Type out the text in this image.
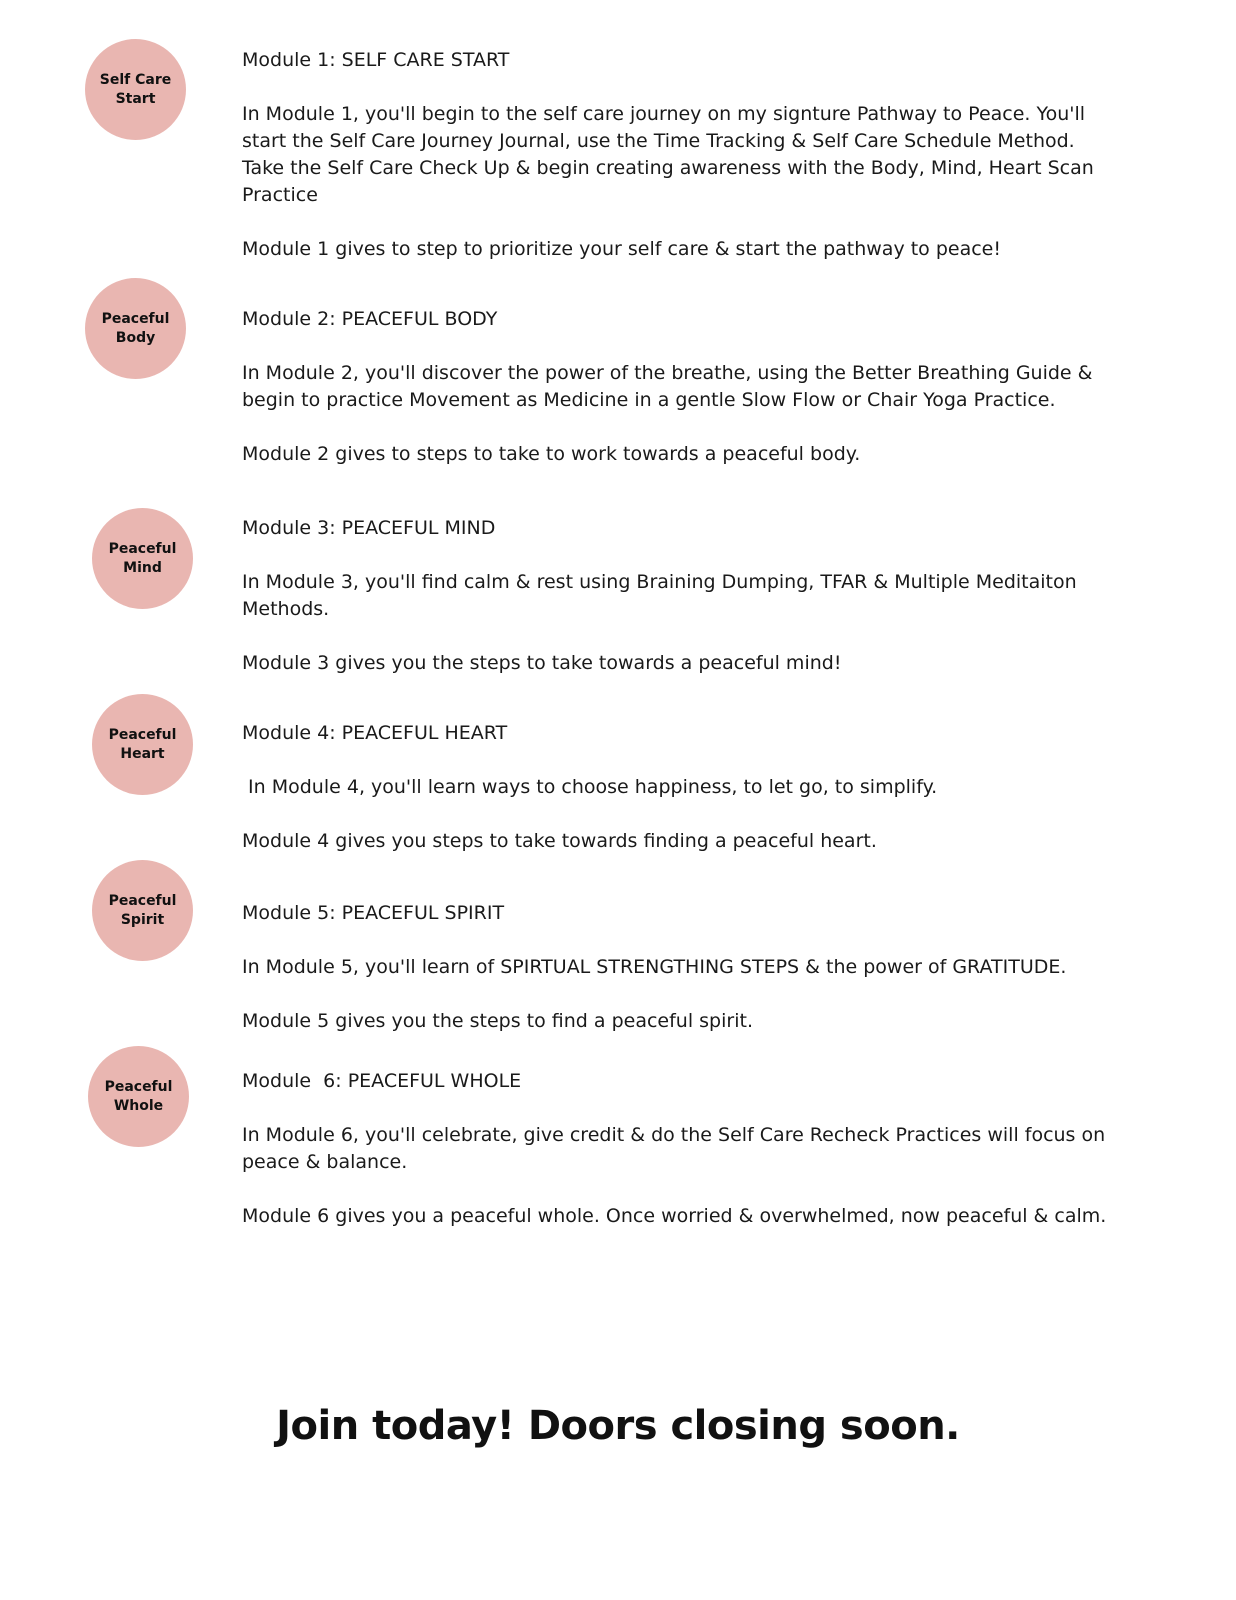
Self Care
Start

Module 1: SELF CARE START

In Module 1, you'll begin to the self care journey on my signture Pathway to Peace. You'll start the Self Care Journey Journal, use the Time Tracking & Self Care Schedule Method. Take the Self Care Check Up & begin creating awareness with the Body, Mind, Heart Scan Practice

Module 1 gives to step to prioritize your self care & start the pathway to peace!

Peaceful
Body

Module 2: PEACEFUL BODY

In Module 2, you'll discover the power of the breathe, using the Better Breathing Guide & begin to practice Movement as Medicine in a gentle Slow Flow or Chair Yoga Practice.

Module 2 gives to steps to take to work towards a peaceful body.

Peaceful
Mind

Module 3: PEACEFUL MIND

In Module 3, you'll find calm & rest using Braining Dumping, TFAR & Multiple Meditaiton Methods.

Module 3 gives you the steps to take towards a peaceful mind!

Peaceful
Heart

Module 4: PEACEFUL HEART

In Module 4, you'll learn ways to choose happiness, to let go, to simplify.

Module 4 gives you steps to take towards finding a peaceful heart.

Peaceful
Spirit	Module 5: PEACEFUL SPIRIT

In Module 5, you'll learn of SPIRTUAL STRENGTHING STEPS & the power of GRATITUDE.

Module 5 gives you the steps to find a peaceful spirit.

Peaceful
Whole

Module  6: PEACEFUL WHOLE

In Module 6, you'll celebrate, give credit & do the Self Care Recheck Practices will focus on peace & balance.

Module 6 gives you a peaceful whole. Once worried & overwhelmed, now peaceful & calm.

Join today! Doors closing soon.
